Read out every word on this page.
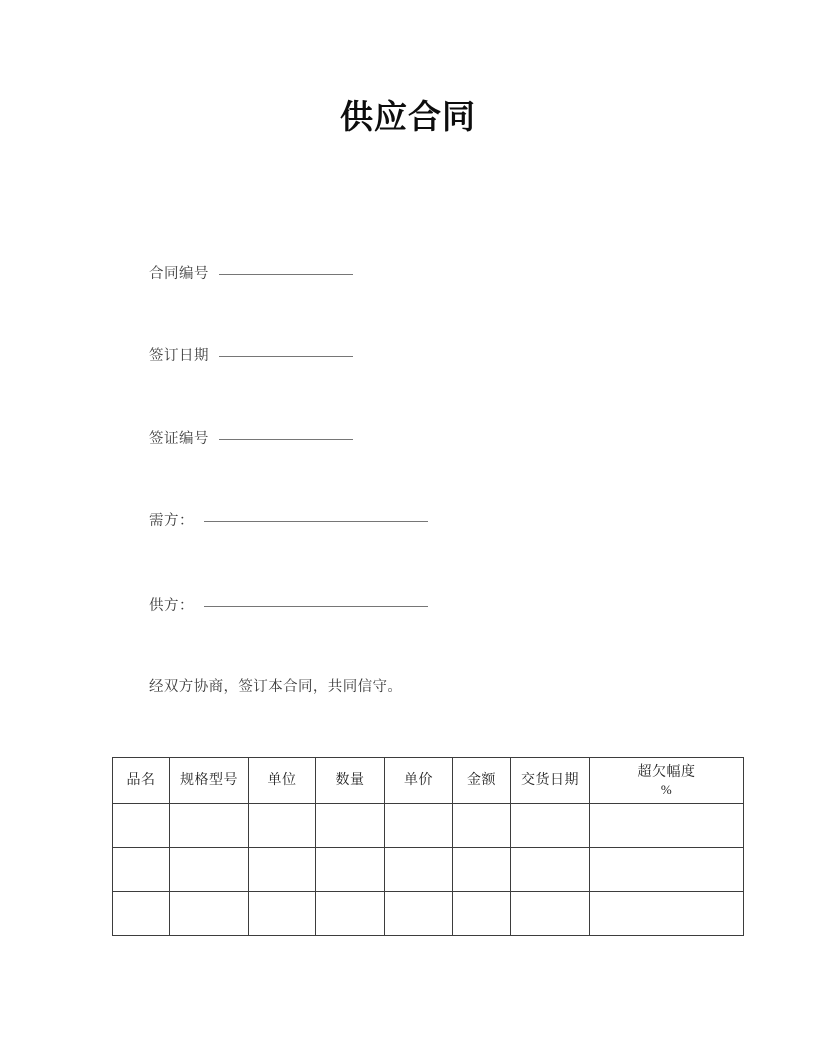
供应合同
合同编号
签订日期
签证编号
需方：
供方：
经双方协商，签订本合同，共同信守。
品名	规格型号	单位	数量	单价	金额	交货日期	超欠幅度
%
